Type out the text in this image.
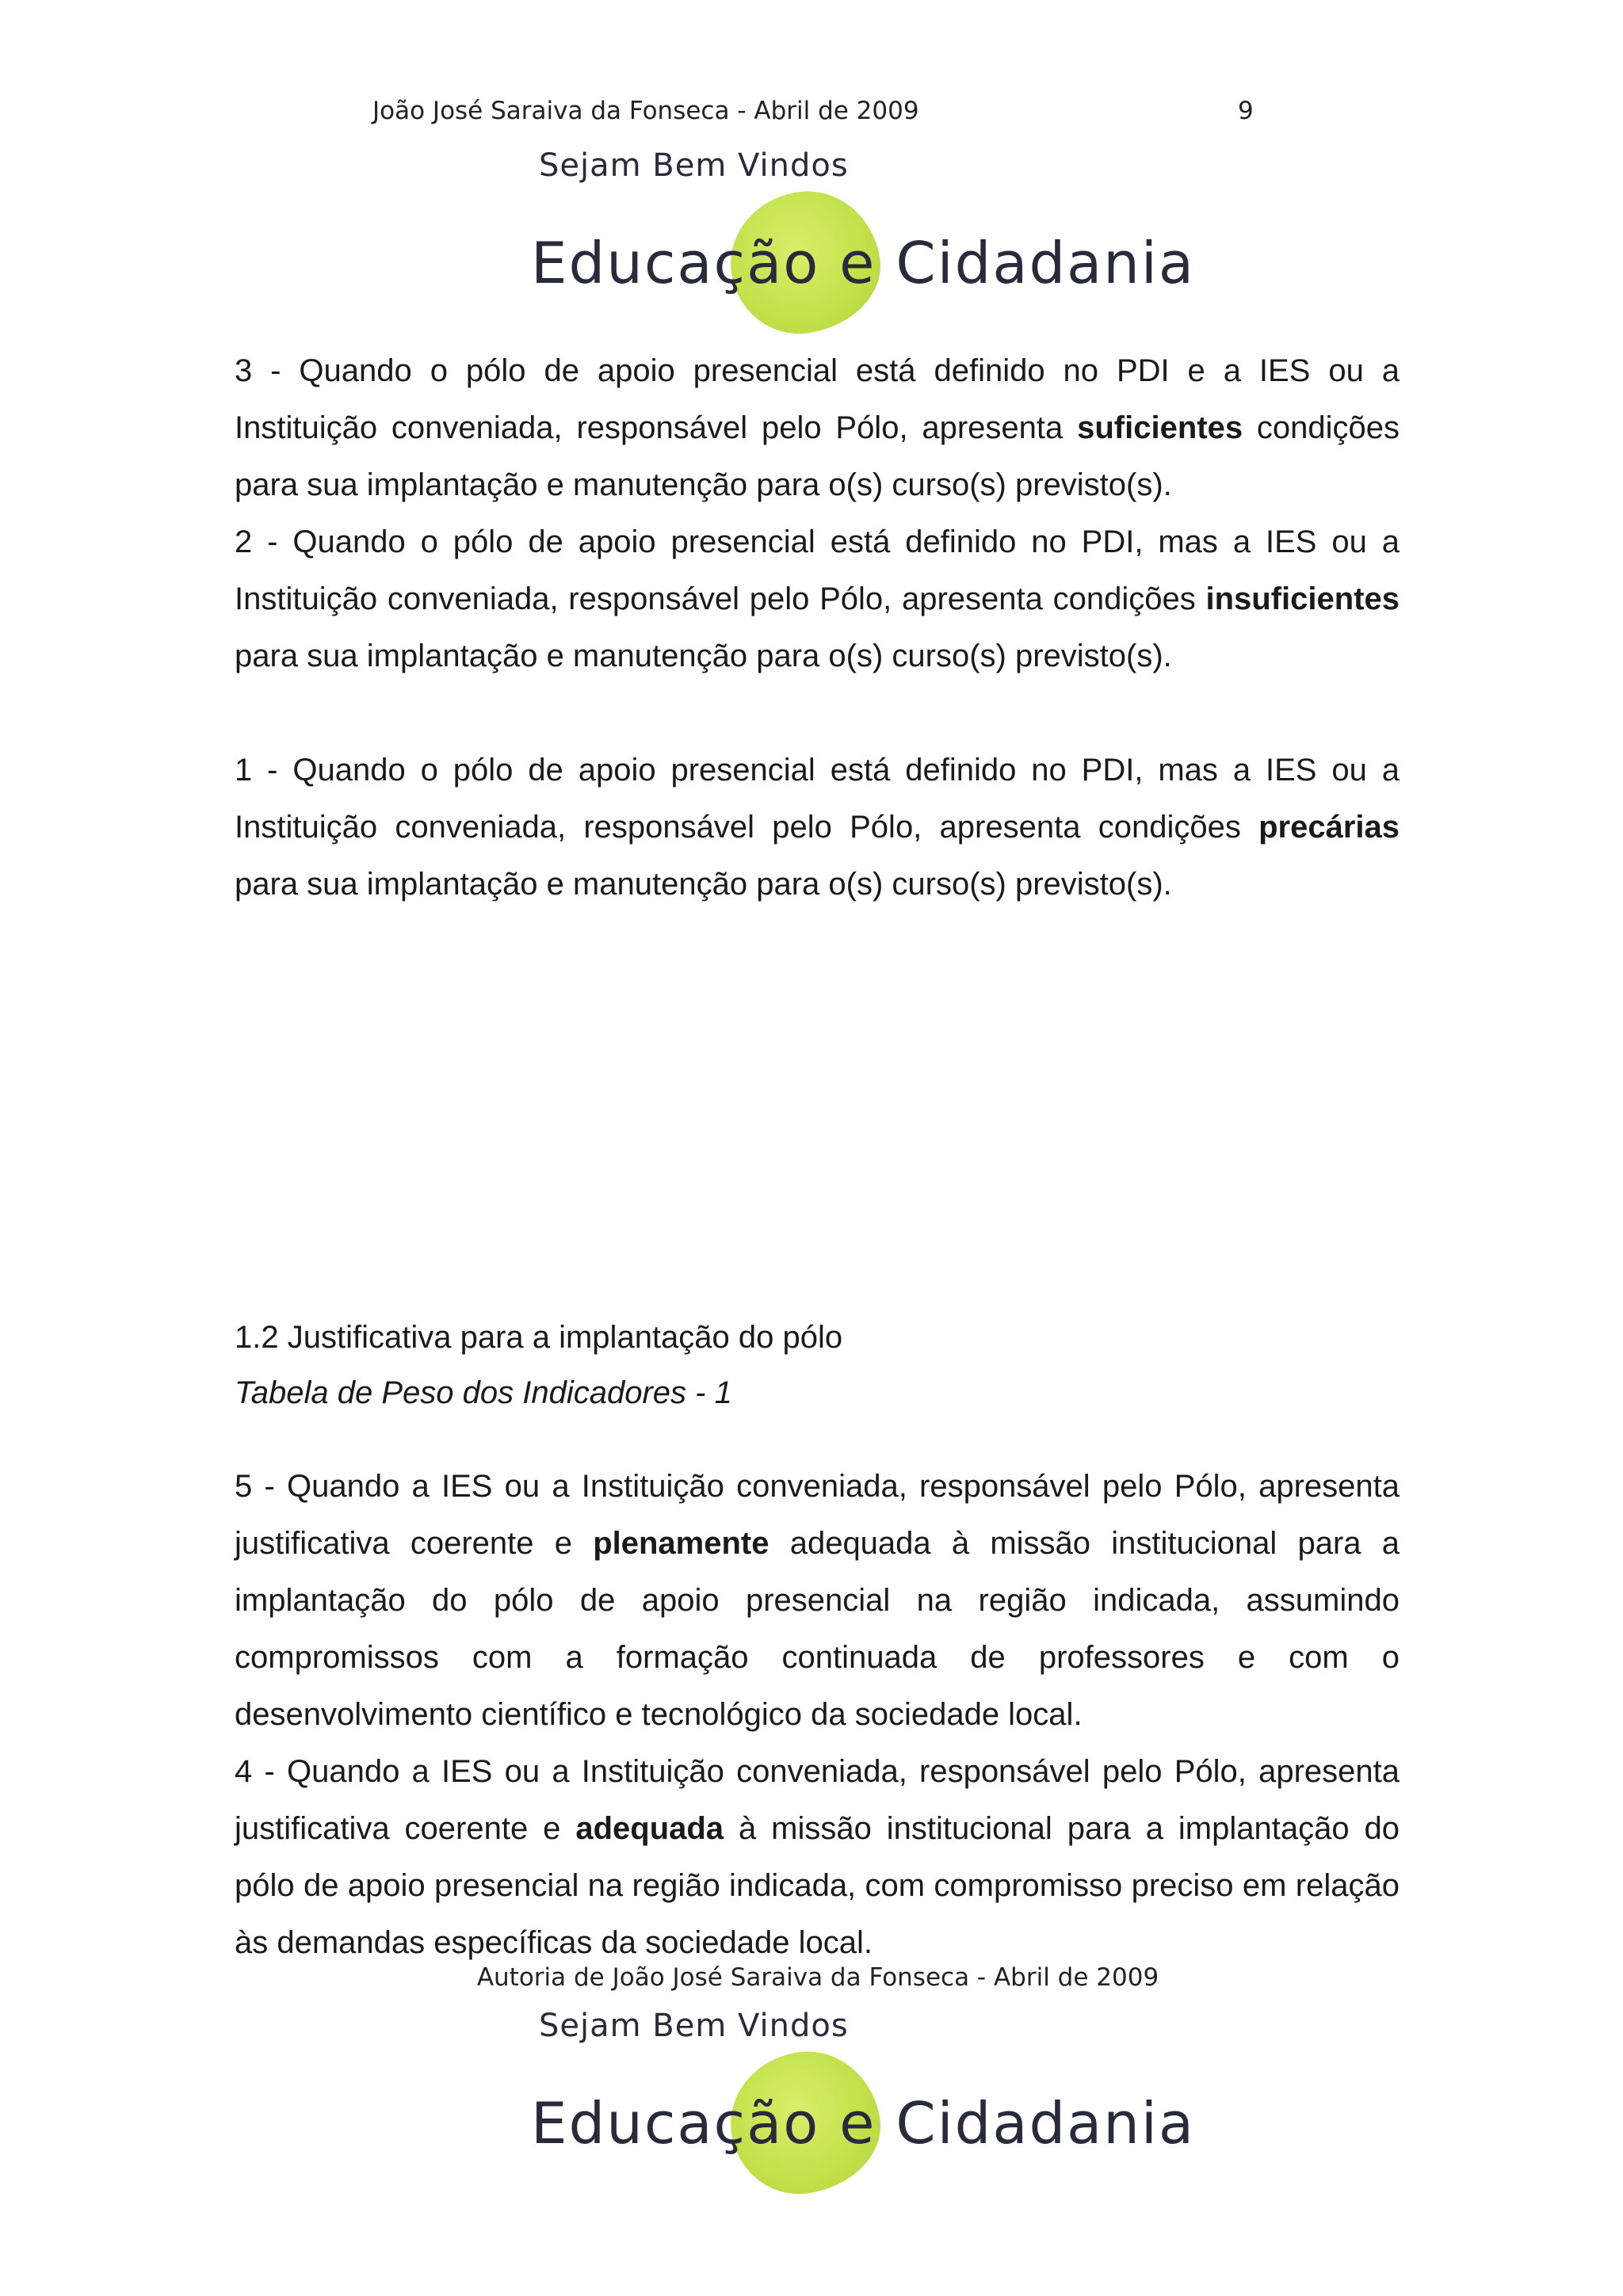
João José Saraiva da Fonseca - Abril de 2009	9
Sejam Bem Vindos
Educação e Cidadania

3 - Quando o pólo de apoio presencial está definido no PDI e a IES ou a Instituição conveniada, responsável pelo Pólo, apresenta suficientes condições para sua implantação e manutenção para o(s) curso(s) previsto(s).

2 - Quando o pólo de apoio presencial está definido no PDI, mas a IES ou a Instituição conveniada, responsável pelo Pólo, apresenta condições insuficientes para sua implantação e manutenção para o(s) curso(s) previsto(s).

1 - Quando o pólo de apoio presencial está definido no PDI, mas a IES ou a Instituição conveniada, responsável pelo Pólo, apresenta condições precárias para sua implantação e manutenção para o(s) curso(s) previsto(s).

1.2 Justificativa para a implantação do pólo

Tabela de Peso dos Indicadores - 1

5 - Quando a IES ou a Instituição conveniada, responsável pelo Pólo, apresenta justificativa coerente e plenamente adequada à missão institucional para a implantação do pólo de apoio presencial na região indicada, assumindo compromissos com a formação continuada de professores e com o desenvolvimento científico e tecnológico da sociedade local.

4 - Quando a IES ou a Instituição conveniada, responsável pelo Pólo, apresenta justificativa coerente e adequada à missão institucional para a implantação do pólo de apoio presencial na região indicada, com compromisso preciso em relação às demandas específicas da sociedade local.

Autoria de João José Saraiva da Fonseca - Abril de 2009
Sejam Bem Vindos
Educação e Cidadania
